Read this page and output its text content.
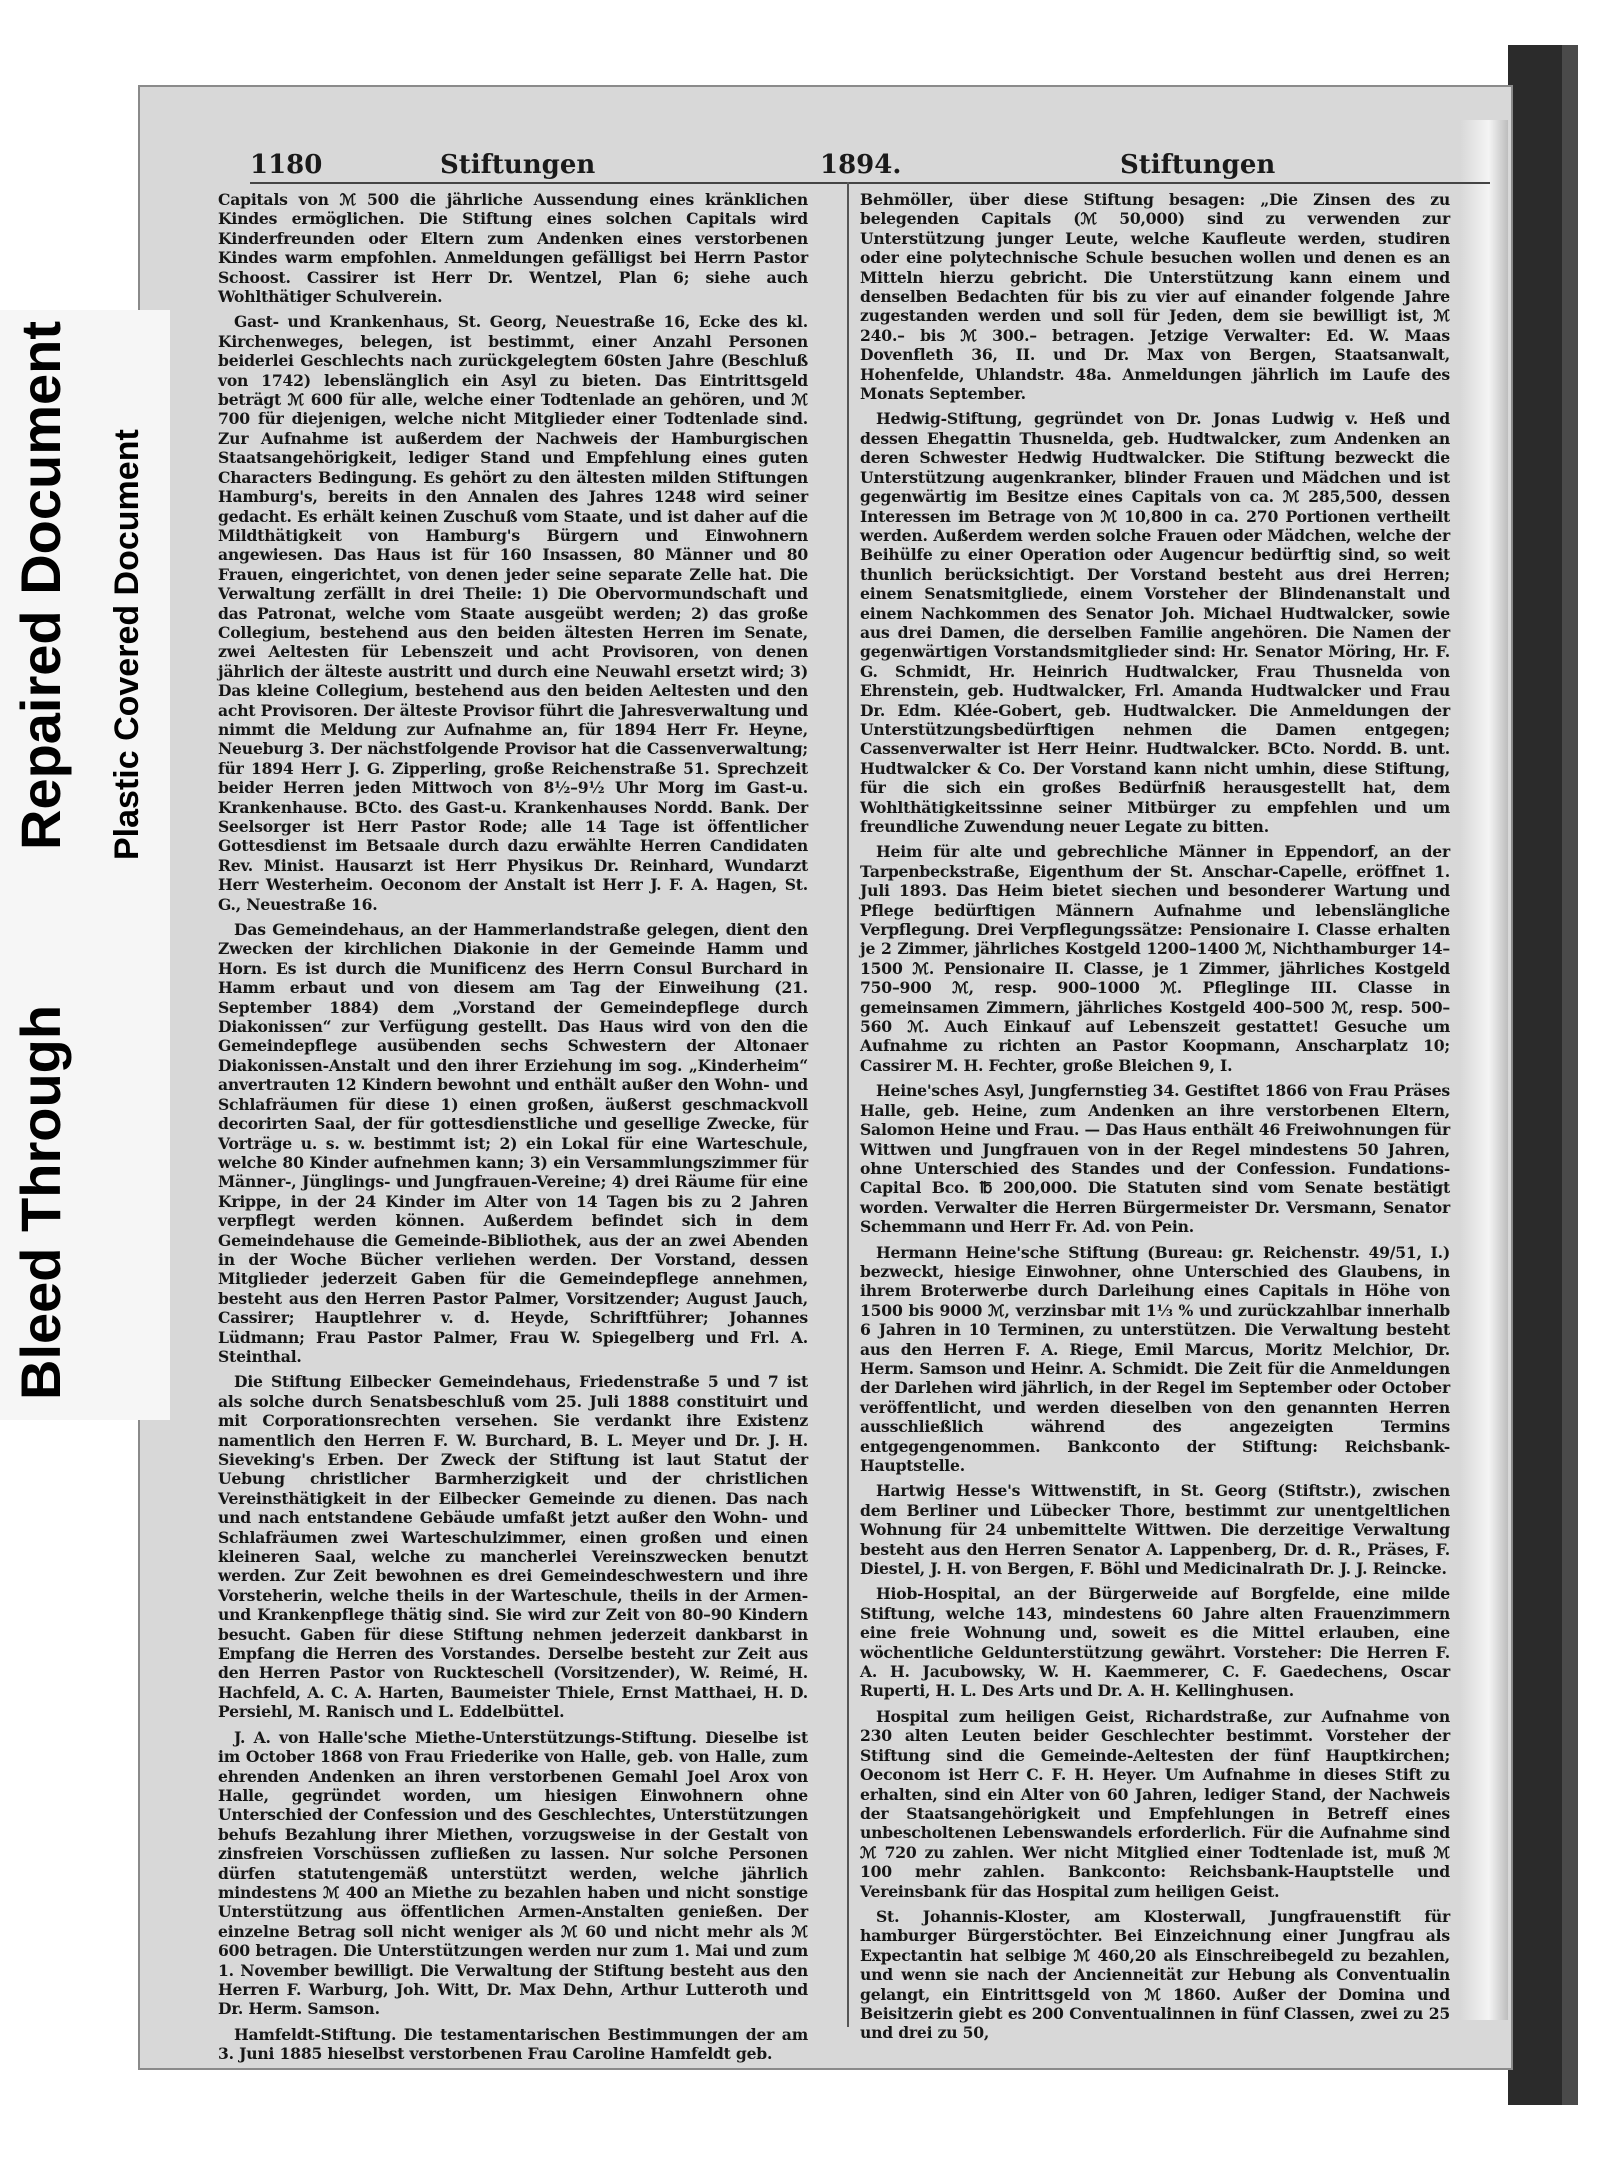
Bleed Through
Repaired Document Plastic Covered Document
1180	Stiftungen	1894.	Stiftungen

Capitals von ℳ 500 die jährliche Aussendung eines kränklichen Kindes ermöglichen. Die Stiftung eines solchen Capitals wird Kinderfreunden oder Eltern zum Andenken eines verstorbenen Kindes warm empfohlen. Anmeldungen gefälligst bei Herrn Pastor Schoost. Cassirer ist Herr Dr. Wentzel, Plan 6; siehe auch Wohlthätiger Schulverein.

Gast- und Krankenhaus, St. Georg, Neuestraße 16, Ecke des kl. Kirchenweges, belegen, ist bestimmt, einer Anzahl Personen beiderlei Geschlechts nach zurückgelegtem 60sten Jahre (Beschluß von 1742) lebenslänglich ein Asyl zu bieten. Das Eintrittsgeld beträgt ℳ 600 für alle, welche einer Todtenlade an gehören, und ℳ 700 für diejenigen, welche nicht Mitglieder einer Todtenlade sind. Zur Aufnahme ist außerdem der Nachweis der Hamburgischen Staatsangehörigkeit, lediger Stand und Empfehlung eines guten Characters Bedingung. Es gehört zu den ältesten milden Stiftungen Hamburg's, bereits in den Annalen des Jahres 1248 wird seiner gedacht. Es erhält keinen Zuschuß vom Staate, und ist daher auf die Mildthätigkeit von Hamburg's Bürgern und Einwohnern angewiesen. Das Haus ist für 160 Insassen, 80 Männer und 80 Frauen, eingerichtet, von denen jeder seine separate Zelle hat. Die Verwaltung zerfällt in drei Theile: 1) Die Obervormundschaft und das Patronat, welche vom Staate ausgeübt werden; 2) das große Collegium, bestehend aus den beiden ältesten Herren im Senate, zwei Aeltesten für Lebenszeit und acht Provisoren, von denen jährlich der älteste austritt und durch eine Neuwahl ersetzt wird; 3) Das kleine Collegium, bestehend aus den beiden Aeltesten und den acht Provisoren. Der älteste Provisor führt die Jahresverwaltung und nimmt die Meldung zur Aufnahme an, für 1894 Herr Fr. Heyne, Neueburg 3. Der nächstfolgende Provisor hat die Cassenverwaltung; für 1894 Herr J. G. Zipperling, große Reichenstraße 51. Sprechzeit beider Herren jeden Mittwoch von 8½–9½ Uhr Morg im Gast-u. Krankenhause. BCto. des Gast-u. Krankenhauses Nordd. Bank. Der Seelsorger ist Herr Pastor Rode; alle 14 Tage ist öffentlicher Gottesdienst im Betsaale durch dazu erwählte Herren Candidaten Rev. Minist. Hausarzt ist Herr Physikus Dr. Reinhard, Wundarzt Herr Westerheim. Oeconom der Anstalt ist Herr J. F. A. Hagen, St. G., Neuestraße 16.

Das Gemeindehaus, an der Hammerlandstraße gelegen, dient den Zwecken der kirchlichen Diakonie in der Gemeinde Hamm und Horn. Es ist durch die Munificenz des Herrn Consul Burchard in Hamm erbaut und von diesem am Tag der Einweihung (21. September 1884) dem „Vorstand der Gemeindepflege durch Diakonissen“ zur Verfügung gestellt. Das Haus wird von den die Gemeindepflege ausübenden sechs Schwestern der Altonaer Diakonissen-Anstalt und den ihrer Erziehung im sog. „Kinderheim“ anvertrauten 12 Kindern bewohnt und enthält außer den Wohn- und Schlafräumen für diese 1) einen großen, äußerst geschmackvoll decorirten Saal, der für gottesdienstliche und gesellige Zwecke, für Vorträge u. s. w. bestimmt ist; 2) ein Lokal für eine Warteschule, welche 80 Kinder aufnehmen kann; 3) ein Versammlungszimmer für Männer-, Jünglings- und Jungfrauen-Vereine; 4) drei Räume für eine Krippe, in der 24 Kinder im Alter von 14 Tagen bis zu 2 Jahren verpflegt werden können. Außerdem befindet sich in dem Gemeindehause die Gemeinde-Bibliothek, aus der an zwei Abenden in der Woche Bücher verliehen werden. Der Vorstand, dessen Mitglieder jederzeit Gaben für die Gemeindepflege annehmen, besteht aus den Herren Pastor Palmer, Vorsitzender; August Jauch, Cassirer; Hauptlehrer v. d. Heyde, Schriftführer; Johannes Lüdmann; Frau Pastor Palmer, Frau W. Spiegelberg und Frl. A. Steinthal.

Die Stiftung Eilbecker Gemeindehaus, Friedenstraße 5 und 7 ist als solche durch Senatsbeschluß vom 25. Juli 1888 constituirt und mit Corporationsrechten versehen. Sie verdankt ihre Existenz namentlich den Herren F. W. Burchard, B. L. Meyer und Dr. J. H. Sieveking's Erben. Der Zweck der Stiftung ist laut Statut der Uebung christlicher Barmherzigkeit und der christlichen Vereinsthätigkeit in der Eilbecker Gemeinde zu dienen. Das nach und nach entstandene Gebäude umfaßt jetzt außer den Wohn- und Schlafräumen zwei Warteschulzimmer, einen großen und einen kleineren Saal, welche zu mancherlei Vereinszwecken benutzt werden. Zur Zeit bewohnen es drei Gemeindeschwestern und ihre Vorsteherin, welche theils in der Warteschule, theils in der Armen- und Krankenpflege thätig sind. Sie wird zur Zeit von 80–90 Kindern besucht. Gaben für diese Stiftung nehmen jederzeit dankbarst in Empfang die Herren des Vorstandes. Derselbe besteht zur Zeit aus den Herren Pastor von Ruckteschell (Vorsitzender), W. Reimé, H. Hachfeld, A. C. A. Harten, Baumeister Thiele, Ernst Matthaei, H. D. Persiehl, M. Ranisch und L. Eddelbüttel.

J. A. von Halle'sche Miethe-Unterstützungs-Stiftung. Dieselbe ist im October 1868 von Frau Friederike von Halle, geb. von Halle, zum ehrenden Andenken an ihren verstorbenen Gemahl Joel Arox von Halle, gegründet worden, um hiesigen Einwohnern ohne Unterschied der Confession und des Geschlechtes, Unterstützungen behufs Bezahlung ihrer Miethen, vorzugsweise in der Gestalt von zinsfreien Vorschüssen zufließen zu lassen. Nur solche Personen dürfen statutengemäß unterstützt werden, welche jährlich mindestens ℳ 400 an Miethe zu bezahlen haben und nicht sonstige Unterstützung aus öffentlichen Armen-Anstalten genießen. Der einzelne Betrag soll nicht weniger als ℳ 60 und nicht mehr als ℳ 600 betragen. Die Unterstützungen werden nur zum 1. Mai und zum 1. November bewilligt. Die Verwaltung der Stiftung besteht aus den Herren F. Warburg, Joh. Witt, Dr. Max Dehn, Arthur Lutteroth und Dr. Herm. Samson.

Hamfeldt-Stiftung. Die testamentarischen Bestimmungen der am 3. Juni 1885 hieselbst verstorbenen Frau Caroline Hamfeldt geb.

Behmöller, über diese Stiftung besagen: „Die Zinsen des zu belegenden Capitals (ℳ 50,000) sind zu verwenden zur Unterstützung junger Leute, welche Kaufleute werden, studiren oder eine polytechnische Schule besuchen wollen und denen es an Mitteln hierzu gebricht. Die Unterstützung kann einem und denselben Bedachten für bis zu vier auf einander folgende Jahre zugestanden werden und soll für Jeden, dem sie bewilligt ist, ℳ 240.– bis ℳ 300.– betragen. Jetzige Verwalter: Ed. W. Maas Dovenfleth 36, II. und Dr. Max von Bergen, Staatsanwalt, Hohenfelde, Uhlandstr. 48a. Anmeldungen jährlich im Laufe des Monats September.

Hedwig-Stiftung, gegründet von Dr. Jonas Ludwig v. Heß und dessen Ehegattin Thusnelda, geb. Hudtwalcker, zum Andenken an deren Schwester Hedwig Hudtwalcker. Die Stiftung bezweckt die Unterstützung augenkranker, blinder Frauen und Mädchen und ist gegenwärtig im Besitze eines Capitals von ca. ℳ 285,500, dessen Interessen im Betrage von ℳ 10,800 in ca. 270 Portionen vertheilt werden. Außerdem werden solche Frauen oder Mädchen, welche der Beihülfe zu einer Operation oder Augencur bedürftig sind, so weit thunlich berücksichtigt. Der Vorstand besteht aus drei Herren; einem Senatsmitgliede, einem Vorsteher der Blindenanstalt und einem Nachkommen des Senator Joh. Michael Hudtwalcker, sowie aus drei Damen, die derselben Familie angehören. Die Namen der gegenwärtigen Vorstandsmitglieder sind: Hr. Senator Möring, Hr. F. G. Schmidt, Hr. Heinrich Hudtwalcker, Frau Thusnelda von Ehrenstein, geb. Hudtwalcker, Frl. Amanda Hudtwalcker und Frau Dr. Edm. Klée-Gobert, geb. Hudtwalcker. Die Anmeldungen der Unterstützungsbedürftigen nehmen die Damen entgegen; Cassenverwalter ist Herr Heinr. Hudtwalcker. BCto. Nordd. B. unt. Hudtwalcker & Co. Der Vorstand kann nicht umhin, diese Stiftung, für die sich ein großes Bedürfniß herausgestellt hat, dem Wohlthätigkeitssinne seiner Mitbürger zu empfehlen und um freundliche Zuwendung neuer Legate zu bitten.

Heim für alte und gebrechliche Männer in Eppendorf, an der Tarpenbeckstraße, Eigenthum der St. Anschar-Capelle, eröffnet 1. Juli 1893. Das Heim bietet siechen und besonderer Wartung und Pflege bedürftigen Männern Aufnahme und lebenslängliche Verpflegung. Drei Verpflegungssätze: Pensionaire I. Classe erhalten je 2 Zimmer, jährliches Kostgeld 1200–1400 ℳ, Nichthamburger 14–1500 ℳ. Pensionaire II. Classe, je 1 Zimmer, jährliches Kostgeld 750–900 ℳ, resp. 900–1000 ℳ. Pfleglinge III. Classe in gemeinsamen Zimmern, jährliches Kostgeld 400–500 ℳ, resp. 500–560 ℳ. Auch Einkauf auf Lebenszeit gestattet! Gesuche um Aufnahme zu richten an Pastor Koopmann, Anscharplatz 10; Cassirer M. H. Fechter, große Bleichen 9, I.

Heine'sches Asyl, Jungfernstieg 34. Gestiftet 1866 von Frau Präses Halle, geb. Heine, zum Andenken an ihre verstorbenen Eltern, Salomon Heine und Frau. — Das Haus enthält 46 Freiwohnungen für Wittwen und Jungfrauen von in der Regel mindestens 50 Jahren, ohne Unterschied des Standes und der Confession. Fundations-Capital Bco. ℔ 200,000. Die Statuten sind vom Senate bestätigt worden. Verwalter die Herren Bürgermeister Dr. Versmann, Senator Schemmann und Herr Fr. Ad. von Pein.

Hermann Heine'sche Stiftung (Bureau: gr. Reichenstr. 49/51, I.) bezweckt, hiesige Einwohner, ohne Unterschied des Glaubens, in ihrem Broterwerbe durch Darleihung eines Capitals in Höhe von 1500 bis 9000 ℳ, verzinsbar mit 1⅓ % und zurückzahlbar innerhalb 6 Jahren in 10 Terminen, zu unterstützen. Die Verwaltung besteht aus den Herren F. A. Riege, Emil Marcus, Moritz Melchior, Dr. Herm. Samson und Heinr. A. Schmidt. Die Zeit für die Anmeldungen der Darlehen wird jährlich, in der Regel im September oder October veröffentlicht, und werden dieselben von den genannten Herren ausschließlich während des angezeigten Termins entgegengenommen. Bankconto der Stiftung: Reichsbank-Hauptstelle.

Hartwig Hesse's Wittwenstift, in St. Georg (Stiftstr.), zwischen dem Berliner und Lübecker Thore, bestimmt zur unentgeltlichen Wohnung für 24 unbemittelte Wittwen. Die derzeitige Verwaltung besteht aus den Herren Senator A. Lappenberg, Dr. d. R., Präses, F. Diestel, J. H. von Bergen, F. Böhl und Medicinalrath Dr. J. J. Reincke.

Hiob-Hospital, an der Bürgerweide auf Borgfelde, eine milde Stiftung, welche 143, mindestens 60 Jahre alten Frauenzimmern eine freie Wohnung und, soweit es die Mittel erlauben, eine wöchentliche Geldunterstützung gewährt. Vorsteher: Die Herren F. A. H. Jacubowsky, W. H. Kaemmerer, C. F. Gaedechens, Oscar Ruperti, H. L. Des Arts und Dr. A. H. Kellinghusen.

Hospital zum heiligen Geist, Richardstraße, zur Aufnahme von 230 alten Leuten beider Geschlechter bestimmt. Vorsteher der Stiftung sind die Gemeinde-Aeltesten der fünf Hauptkirchen; Oeconom ist Herr C. F. H. Heyer. Um Aufnahme in dieses Stift zu erhalten, sind ein Alter von 60 Jahren, lediger Stand, der Nachweis der Staatsangehörigkeit und Empfehlungen in Betreff eines unbescholtenen Lebenswandels erforderlich. Für die Aufnahme sind ℳ 720 zu zahlen. Wer nicht Mitglied einer Todtenlade ist, muß ℳ 100 mehr zahlen. Bankconto: Reichsbank-Hauptstelle und Vereinsbank für das Hospital zum heiligen Geist.

St. Johannis-Kloster, am Klosterwall, Jungfrauenstift für hamburger Bürgerstöchter. Bei Einzeichnung einer Jungfrau als Expectantin hat selbige ℳ 460,20 als Einschreibegeld zu bezahlen, und wenn sie nach der Ancienneität zur Hebung als Conventualin gelangt, ein Eintrittsgeld von ℳ 1860. Außer der Domina und Beisitzerin giebt es 200 Conventualinnen in fünf Classen, zwei zu 25 und drei zu 50,
